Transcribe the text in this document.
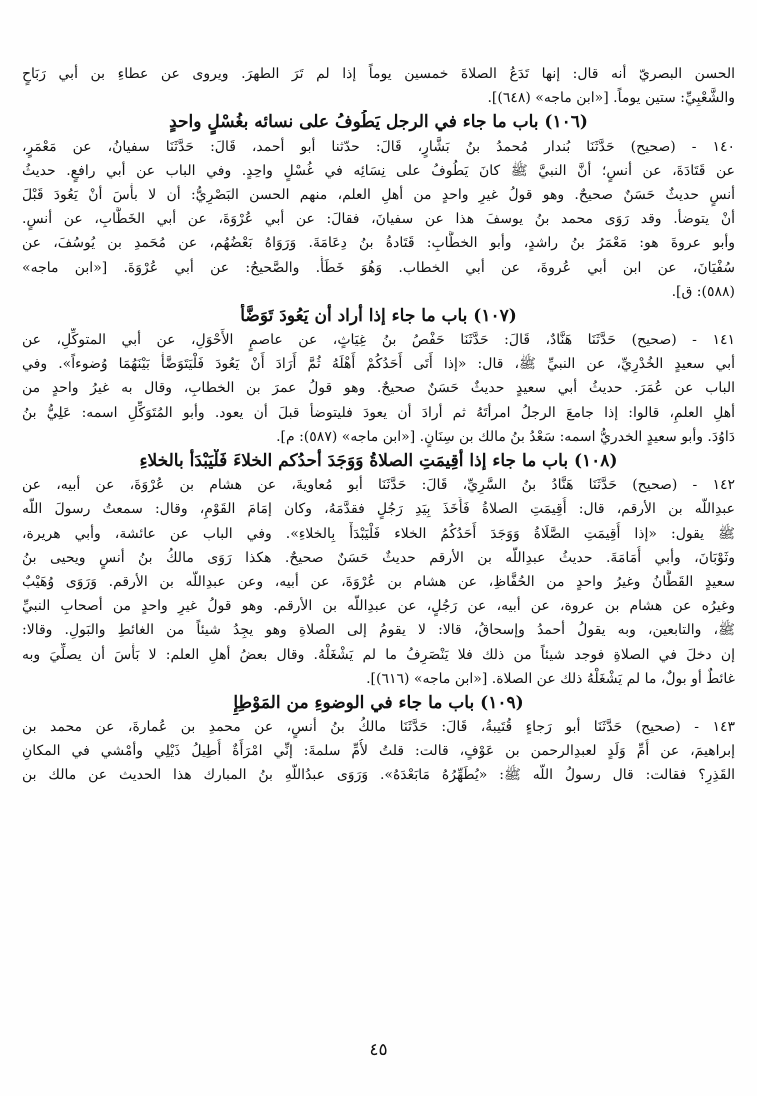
الحسن البصريّ أنه قال: إنها تَدَعُ الصلاةَ خمسين يوماً إذا لم تَرَ الطهرَ. ويروى عن عطاءِ بن أبي رَبَاحٍ
والشَّعْبِيِّ: ستين يوماً. [«ابن ماجه» (٦٤٨)].
(١٠٦) باب ما جاء في الرجل يَطُوفُ على نسائه بغُسْلٍ واحدٍ
١٤٠ - (صحيح) حَدَّثَنَا بُندار مُحمدُ بنُ بَشَّارٍ، قَالَ: حدّثنا أبو أحمد، قَالَ: حَدَّثَنَا سفيانُ، عن مَعْمَرٍ،
عن قَتَادَةَ، عن أنسٍ؛ أنَّ النبيَّ ﷺ كانَ يَطُوفُ على نِسَائِه في غُسْلٍ واحِدٍ. وفي الباب عن أبي رافعٍ. حديثُ
أنسٍ حديثٌ حَسَنٌ صحيحٌ. وهو قولُ غيرِ واحدٍ من أهلِ العلم، منهم الحسن البَصْرِيُّ: أن لا بأْسَ أنْ يَعُودَ قَبْلَ
أنْ يتوضأ. وقد رَوَى محمد بنُ يوسفَ هذا عن سفيانَ، فقالَ: عن أبي عُرْوَةَ، عن أبي الخَطَّابِ، عن أنسٍ.
وأبو عروةَ هو: مَعْمَرُ بنُ راشدٍ، وأبو الخطَّابِ: قَتَادةُ بنُ دِعَامَةَ. وَرَوَاهُ بَعْضُهُم، عن مُحَمدِ بن يُوسُفَ، عن
سُفْيَانَ، عن ابن أبي عُروةَ، عن أبي الخطاب. وَهُوَ خَطَأٌ. والصَّحيحُ: عن أبي عُرْوَةَ. [«ابن ماجه»
(٥٨٨): ق].
(١٠٧) باب ما جاء إذا أراد أن يَعُودَ تَوَضَّأَ
١٤١ - (صحيح) حَدَّثَنَا هَنَّادٌ، قَالَ: حَدَّثَنَا حَفْصُ بنُ غِيَاثٍ، عن عاصمٍ الأَحْوَلِ، عن أبي المتوكِّلِ، عن
أبي سعيدٍ الخُدْرِيِّ، عن النبيِّ ﷺ، قال: «إذا أَتَى أَحَدُكُمْ أَهْلَهُ ثُمَّ أَرَادَ أَنْ يَعُودَ فَلْيَتَوَضَّأْ بَيْنَهُمَا وُضوءاً». وفي
الباب عن عُمَرَ. حديثُ أبي سعيدٍ حديثٌ حَسَنٌ صحيحٌ. وهو قولُ عمرَ بن الخطابِ، وقال به غيرُ واحدٍ من
أهلِ العلمِ، قالوا: إذا جامعَ الرجلُ امرأتَهُ ثم أرادَ أن يعودَ فليتوضأ قبلَ أن يعود. وأبو المُتَوَكِّلِ اسمه: عَلِيُّ بنُ
دَاوُدَ. وأبو سعيدٍ الخدريُّ اسمه: سَعْدُ بنُ مالك بن سِنَانٍ. [«ابن ماجه» (٥٨٧): م].
(١٠٨) باب ما جاء إذا أُقِيمَتِ الصلاةُ وَوَجَدَ أحدُكم الخلاءَ فَلْيَبْدَأْ بالخلاءِ
١٤٢ - (صحيح) حَدَّثَنَا هَنَّادُ بنُ السَّرِيِّ، قَالَ: حَدَّثَنَا أبو مُعاويةَ، عن هشام بن عُرْوَةَ، عن أبيه، عن
عبدِاللّه بن الأرقم، قال: أُقِيمَتِ الصلاةُ فَأَخَذَ بِيَدِ رَجُلٍ فقدَّمَهُ، وكان إمَامَ القَوْمِ، وقال: سمعتُ رسولَ اللّه
ﷺ يقول: «إذا أُقِيمَتِ الصَّلَاةُ وَوَجَدَ أَحَدُكُمُ الخلاء فَلْيَبْدَأْ بِالخلاءِ». وفي الباب عن عائشة، وأبي هريرة،
وثَوْبَانَ، وأبي أُمَامَةَ. حديثُ عبدِاللّه بن الأرقم حديثٌ حَسَنٌ صحيحٌ. هكذا رَوَى مالكُ بنُ أنسٍ ويحيى بنُ
سعيدٍ القَطَّانُ وغيرُ واحدٍ من الحُفَّاظِ، عن هشام بن عُرْوَةَ، عن أبيه، وعن عبدِاللّه بن الأرقم. وَرَوَى وُهَيْبٌ
وغيرُه عن هشام بن عروة، عن أبيه، عن رَجُلٍ، عن عبدِاللّه بن الأرقم. وهو قولُ غيرِ واحدٍ من أصحابِ النبيِّ
ﷺ، والتابعين، وبه يقولُ أحمدُ وإسحاقُ، قالا: لا يقومُ إلى الصلاةِ وهو يجِدُ شيئاً من الغائطِ والبَولِ. وقالا:
إن دخلَ في الصلاةِ فوجد شيئاً من ذلك فلا يَنْصَرِفُ ما لم يَشْغَلْهُ. وقال بعضُ أهلِ العلم: لا بَأْسَ أن يصلِّيَ وبه
غائطٌ أو بولٌ، ما لم يَشْغَلْهُ ذلك عن الصلاة. [«ابن ماجه» (٦١٦)].
(١٠٩) باب ما جاء في الوضوءِ من المَوْطِإِ
١٤٣ - (صحيح) حَدَّثَنَا أبو رَجاءٍ قُتَيبةُ، قَالَ: حَدَّثَنَا مالكُ بنُ أنسٍ، عن محمدِ بن عُمارةَ، عن محمد بن
إبراهيمَ، عن أُمِّ وَلَدٍ لعبدِالرحمن بن عَوْفٍ، قالت: قلتُ لأُمِّ سلمةَ: إنِّي امْرَأَةٌ أُطِيلُ ذَيْلِي وأمْشي في المكانِ
القَذِرِ؟ فقالت: قال رسولُ اللّه ﷺ: «يُطَهِّرُهُ مَابَعْدَهُ». وَرَوَى عبدُاللّهِ بنُ المبارك هذا الحديث عن مالك بن
٤٥
